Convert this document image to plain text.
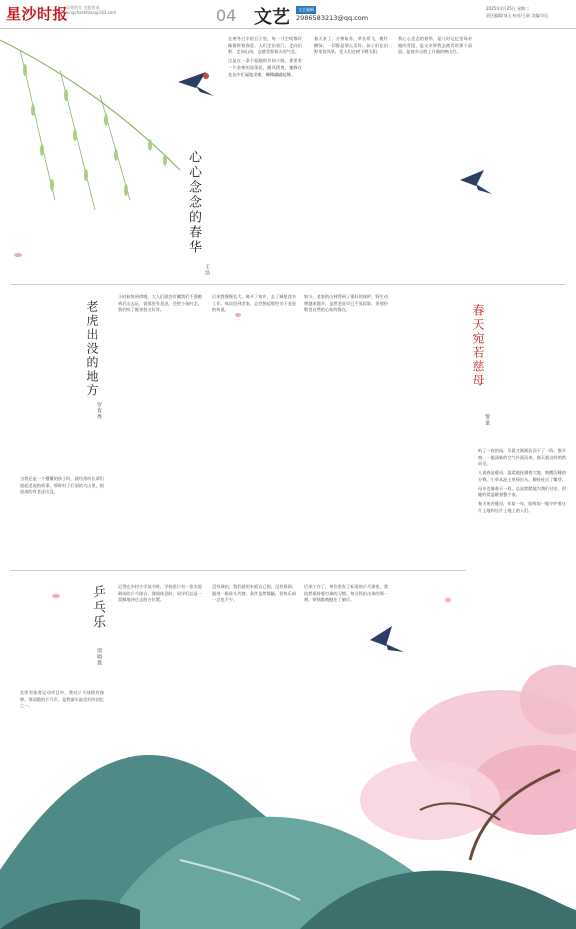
星沙时报
局党机关 为您资讯
xingshashibao@163.com	04 文艺	文艺编辑
2986583213@qq.com
2025年2月25日 星期二
责任编辑/刘玉 校对/王娟 美编/刘玉
心心念念的春华
王浩

在寒冬过半的日子里，每一寸空间都好像都带着春意。人们走出家门，走向田野、走向山岗，去感受那春天的气息。

这是在一条不起眼的乡间小路，那里有一片金黄的油菜花，随风摇曳，蜜蜂在花丛中忙碌地采蜜，蝴蝶翩翩起舞。

春天来了，万物复苏，草长莺飞，桃红柳绿，一切都是那么美好。孩子们在田野里放风筝，老人们在树下晒太阳。

我心心念念的春华，是儿时记忆里母亲做的青团，是父亲带我去踏青的那个清晨，是故乡山坡上开满的映山红。

老虎出没的地方
罗育秀

小时候每到傍晚，大人们就会叮嘱我们不要跑到后山去玩，说那里有老虎，会把小孩叼走。我们听了既害怕又好奇。

后来我慢慢长大，离开了家乡，去了城里读书工作。每次回到老家，总会想起那些关于老虎的传说。

如今，老家的山林得到了很好的保护，野生动物越来越多，虽然老虎早已不见踪影，但那份敬畏自然的心始终都在。

当我还是一个懵懂的孩子时，就经常听长辈们说起老虎的故事。那时村子后面的大山里，据说真的有老虎出没。

春天宛若慈母
黎童

听了一夜的雨，早晨又淅淅沥沥下了一阵。推开窗，一股清新的空气扑面而来，春天就这样悄然而至。

人说春是慈母，温柔地抚摸着大地，唤醒沉睡的万物。小草从泥土里探出头，柳枝吐出了嫩芽。

母亲也像春天一样，总是默默地为我们付出，用她的爱温暖着整个家。

春天宛若慈母，年复一年，始终如一地守护着这片土地和这片土地上的人们。

乒乓乐
谭晓燕

在所有体育运动项目中，我对乒乓球情有独钟。那清脆的乒乓声，是我童年最美好的回忆之一。

记得在乡村小学读书时，学校里只有一张水泥砌成的乒乓球台，课间休息时，同学们总是一窝蜂地冲过去抢占位置。

没有球拍，我们就用木板自己削；没有球网，就用一排砖头代替。条件虽然简陋，但快乐却一点也不少。

后来工作了，单位里有了标准的乒乓球室，我依然保持着打球的习惯。每当挥拍击球的那一刻，烦恼都被抛在了脑后。
